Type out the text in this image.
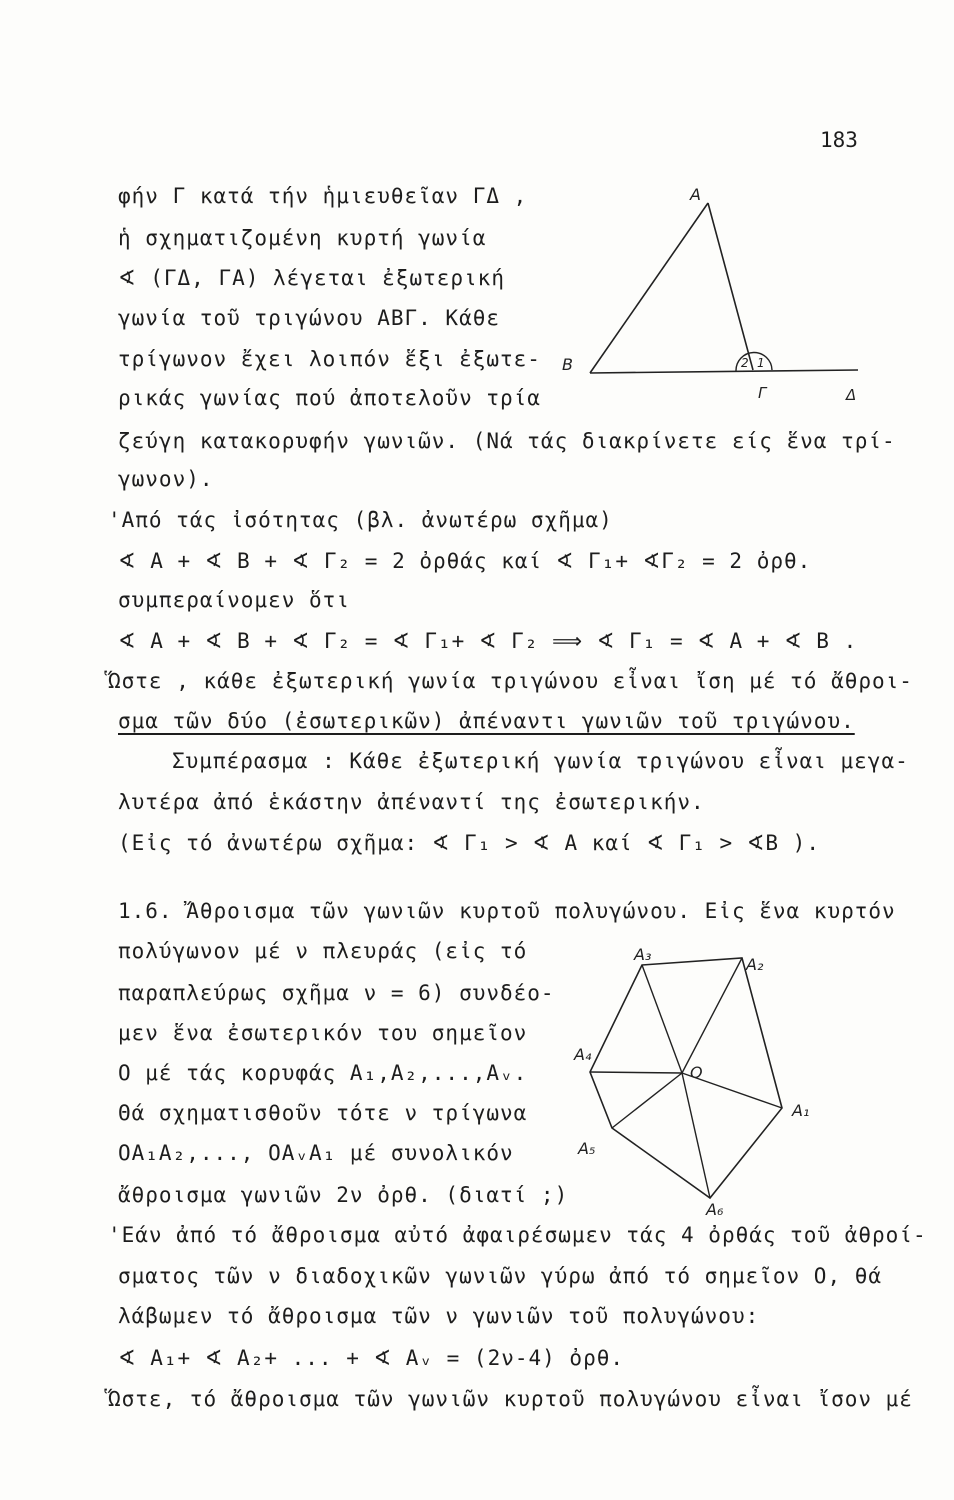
183
φήν Γ κατά τήν ἡμιευθεῖαν ΓΔ ,
ἡ σχηματιζομένη κυρτή γωνία
∢ (ΓΔ, ΓΑ) λέγεται ἐξωτερική
γωνία τοῦ τριγώνου ΑΒΓ. Κάθε
τρίγωνον ἔχει λοιπόν ἕξι ἐξωτε-
ρικάς γωνίας πού ἀποτελοῦν τρία
ζεύγη κατακορυφήν γωνιῶν. (Νά τάς διακρίνετε είς ἕνα τρί-
γωνον).
'Από τάς ἰσότητας (βλ. ἀνωτέρω σχῆμα)
∢ Α + ∢ Β + ∢ Γ₂ = 2 ὀρθάς καί ∢ Γ₁+ ∢Γ₂ = 2 ὀρθ.
συμπεραίνομεν ὅτι
∢ Α + ∢ Β + ∢ Γ₂ = ∢ Γ₁+ ∢ Γ₂ ⟹ ∢ Γ₁ = ∢ Α + ∢ Β .
Ὥστε , κάθε ἐξωτερική γωνία τριγώνου εἶναι ἴση μέ τό ἄθροι-
σμα τῶν δύο (ἐσωτερικῶν) ἀπέναντι γωνιῶν τοῦ τριγώνου.
Συμπέρασμα : Κάθε ἐξωτερική γωνία τριγώνου εἶναι μεγα-
λυτέρα ἀπό ἑκάστην ἀπέναντί της ἐσωτερικήν.
(Εἰς τό ἀνωτέρω σχῆμα: ∢ Γ₁ > ∢ Α καί ∢ Γ₁ > ∢Β ).
1.6. Ἄθροισμα τῶν γωνιῶν κυρτοῦ πολυγώνου. Εἰς ἕνα κυρτόν
πολύγωνον μέ ν πλευράς (εἰς τό
παραπλεύρως σχῆμα ν = 6) συνδέο-
μεν ἕνα ἐσωτερικόν του σημεῖον
Ο μέ τάς κορυφάς Α₁,Α₂,...,Αᵥ.
Θά σχηματισθοῦν τότε ν τρίγωνα
ΟΑ₁Α₂,..., ΟΑᵥΑ₁ μέ συνολικόν
ἄθροισμα γωνιῶν 2ν ὀρθ. (διατί ;)
'Εάν ἀπό τό ἄθροισμα αὐτό ἀφαιρέσωμεν τάς 4 ὀρθάς τοῦ ἀθροί-
σματος τῶν ν διαδοχικῶν γωνιῶν γύρω ἀπό τό σημεῖον Ο, θά
λάβωμεν τό ἄθροισμα τῶν ν γωνιῶν τοῦ πολυγώνου:
∢ Α₁+ ∢ Α₂+ ... + ∢ Αᵥ = (2ν-4) ὀρθ.
Ὥστε, τό ἄθροισμα τῶν γωνιῶν κυρτοῦ πολυγώνου εἶναι ἴσον μέ
Α
Β
Γ	Δ
2 1
Ο
Α₁
Α₂
Α₃
Α₄
Α₅
Α₆
